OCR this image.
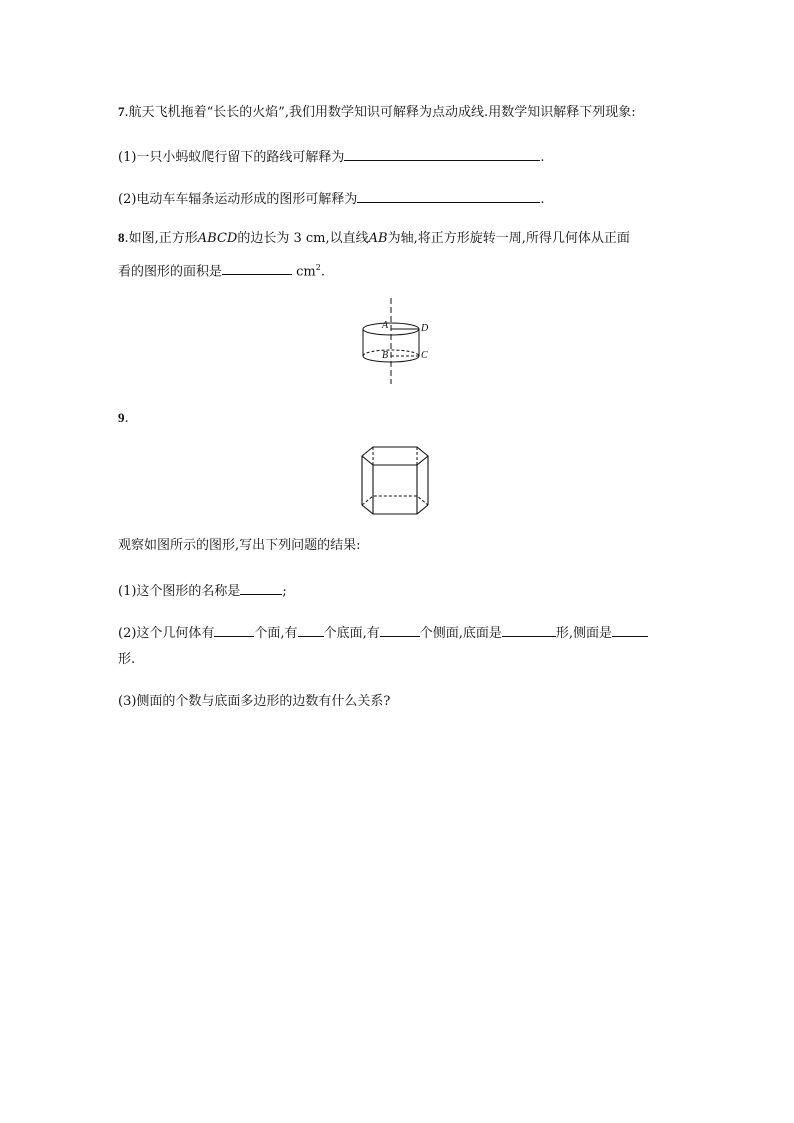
7.航天飞机拖着“长长的火焰”,我们用数学知识可解释为点动成线.用数学知识解释下列现象:
(1)一只小蚂蚁爬行留下的路线可解释为	.
(2)电动车车辐条运动形成的图形可解释为	.
8.如图,正方形ABCD的边长为 3 cm,以直线AB为轴,将正方形旋转一周,所得几何体从正面
看的图形的面积是	$cm^2$.
A	D
B	C
9.
观察如图所示的图形,写出下列问题的结果:
(1)这个图形的名称是	;
(2)这个几何体有	个面,有 个底面,有	个侧面,底面是	形,侧面是
形.
(3)侧面的个数与底面多边形的边数有什么关系?
